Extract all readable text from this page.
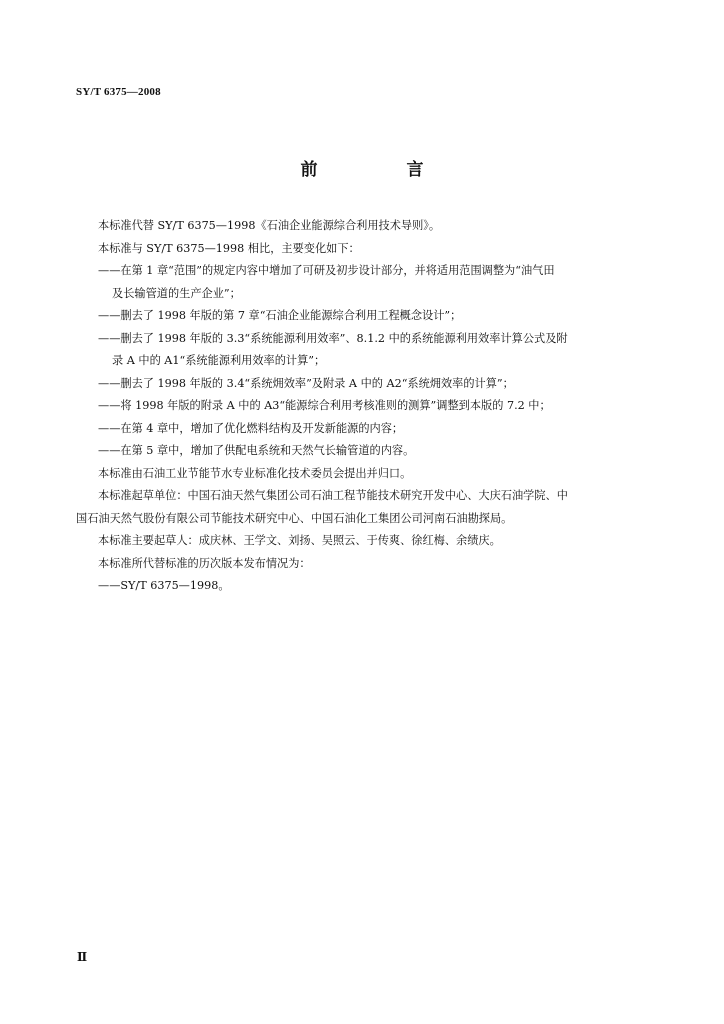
SY/T 6375—2008
前　言

本标准代替 SY/T 6375—1998《石油企业能源综合利用技术导则》。

本标准与 SY/T 6375—1998 相比，主要变化如下：

——在第 1 章“范围”的规定内容中增加了可研及初步设计部分，并将适用范围调整为“油气田

及长输管道的生产企业”；

——删去了 1998 年版的第 7 章“石油企业能源综合利用工程概念设计”；

——删去了 1998 年版的 3.3“系统能源利用效率”、8.1.2 中的系统能源利用效率计算公式及附

录 A 中的 A1“系统能源利用效率的计算”；

——删去了 1998 年版的 3.4“系统㶲效率”及附录 A 中的 A2“系统㶲效率的计算”；

——将 1998 年版的附录 A 中的 A3“能源综合利用考核准则的测算”调整到本版的 7.2 中；

——在第 4 章中，增加了优化燃料结构及开发新能源的内容；

——在第 5 章中，增加了供配电系统和天然气长输管道的内容。

本标准由石油工业节能节水专业标准化技术委员会提出并归口。

本标准起草单位：中国石油天然气集团公司石油工程节能技术研究开发中心、大庆石油学院、中

国石油天然气股份有限公司节能技术研究中心、中国石油化工集团公司河南石油勘探局。

本标准主要起草人：成庆林、王学文、刘扬、吴照云、于传爽、徐红梅、余绩庆。

本标准所代替标准的历次版本发布情况为：

——SY/T 6375—1998。

Ⅱ
